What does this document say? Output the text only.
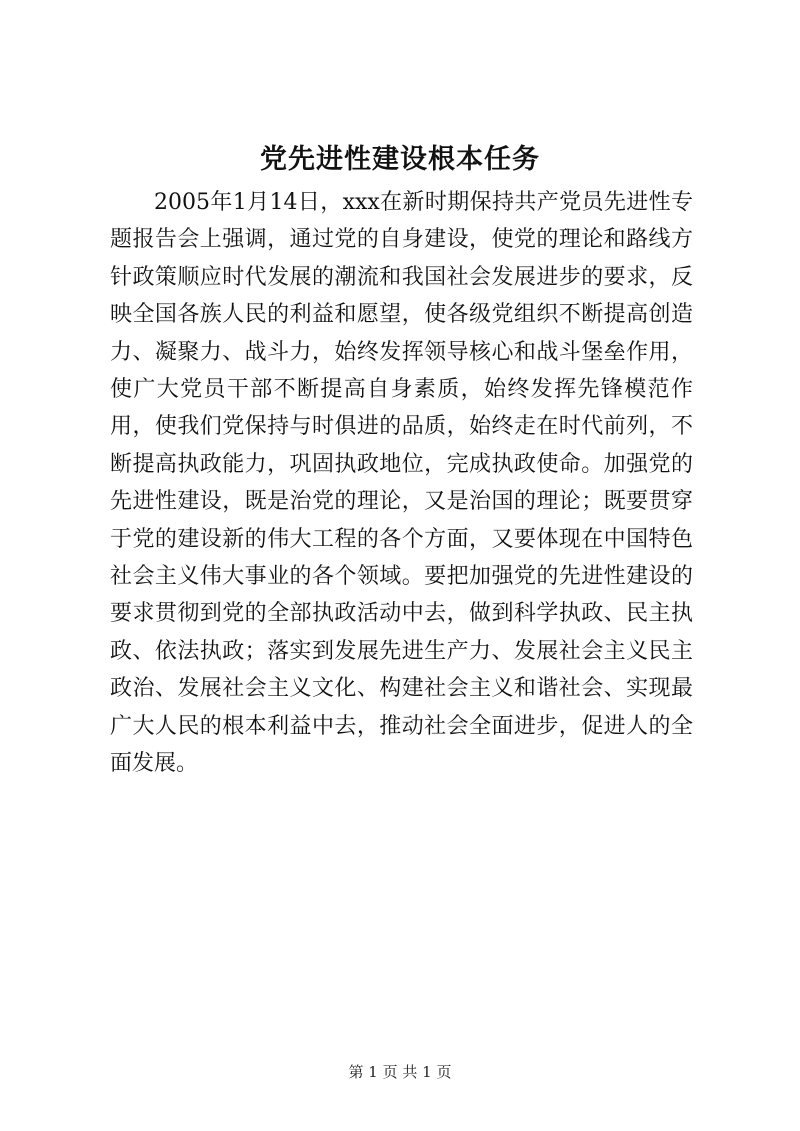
党先进性建设根本任务

2005年1月14日，xxx在新时期保持共产党员先进性专题报告会上强调，通过党的自身建设，使党的理论和路线方针政策顺应时代发展的潮流和我国社会发展进步的要求，反映全国各族人民的利益和愿望，使各级党组织不断提高创造力、凝聚力、战斗力，始终发挥领导核心和战斗堡垒作用，使广大党员干部不断提高自身素质，始终发挥先锋模范作用，使我们党保持与时俱进的品质，始终走在时代前列，不断提高执政能力，巩固执政地位，完成执政使命。加强党的先进性建设，既是治党的理论，又是治国的理论；既要贯穿于党的建设新的伟大工程的各个方面，又要体现在中国特色社会主义伟大事业的各个领域。要把加强党的先进性建设的要求贯彻到党的全部执政活动中去，做到科学执政、民主执政、依法执政；落实到发展先进生产力、发展社会主义民主政治、发展社会主义文化、构建社会主义和谐社会、实现最广大人民的根本利益中去，推动社会全面进步，促进人的全面发展。

第 1 页 共 1 页
